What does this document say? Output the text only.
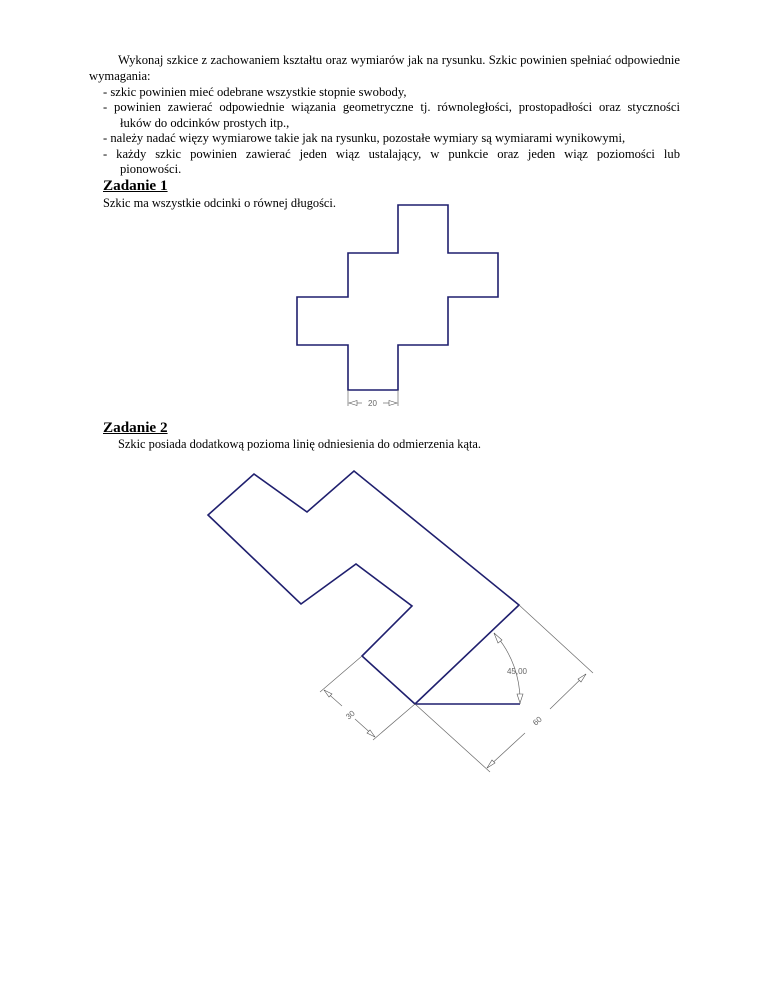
Wykonaj szkice z zachowaniem kształtu oraz wymiarów jak na rysunku. Szkic powinien spełniać odpowiednie wymagania:
- szkic powinien mieć odebrane wszystkie stopnie swobody,
- powinien zawierać odpowiednie wiązania geometryczne tj. równoległości, prostopadłości oraz styczności
łuków do odcinków prostych itp.,
- należy nadać więzy wymiarowe takie jak na rysunku, pozostałe wymiary są wymiarami wynikowymi,
- każdy szkic powinien zawierać jeden wiąz ustalający, w punkcie oraz jeden wiąz poziomości lub
pionowości.
Zadanie 1
Szkic ma wszystkie odcinki o równej długości.
Zadanie 2
Szkic posiada dodatkową pozioma linię odniesienia do odmierzenia kąta.
20
45,00
30	60
